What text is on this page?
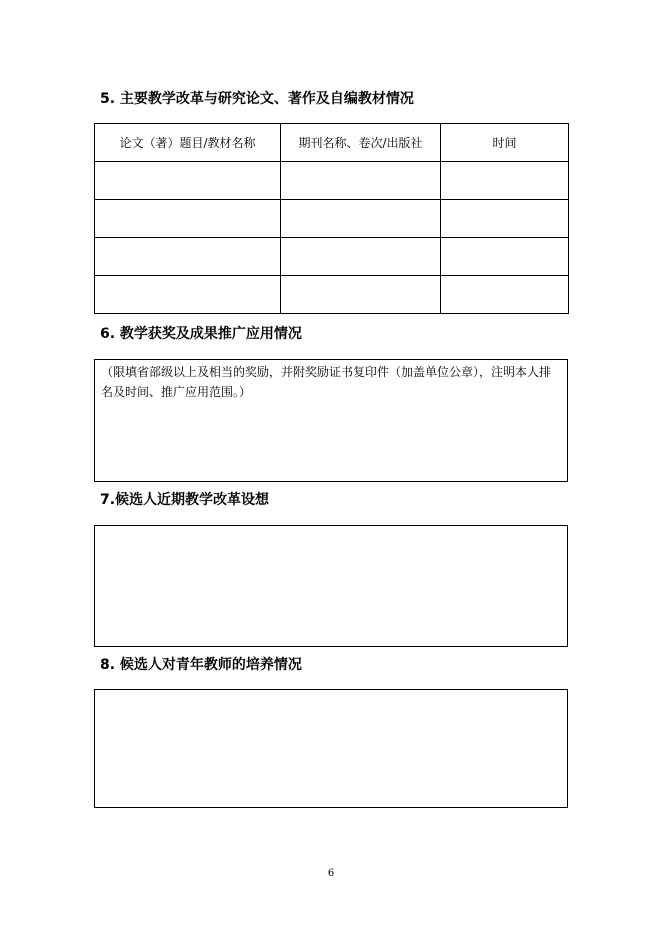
5. 主要教学改革与研究论文、著作及自编教材情况
论文（著）题目/教材名称	期刊名称、卷次/出版社	时间

6. 教学获奖及成果推广应用情况

（限填省部级以上及相当的奖励，并附奖励证书复印件（加盖单位公章），注明本人排名及时间、推广应用范围。）

7.候选人近期教学改革设想
8. 候选人对青年教师的培养情况
6
